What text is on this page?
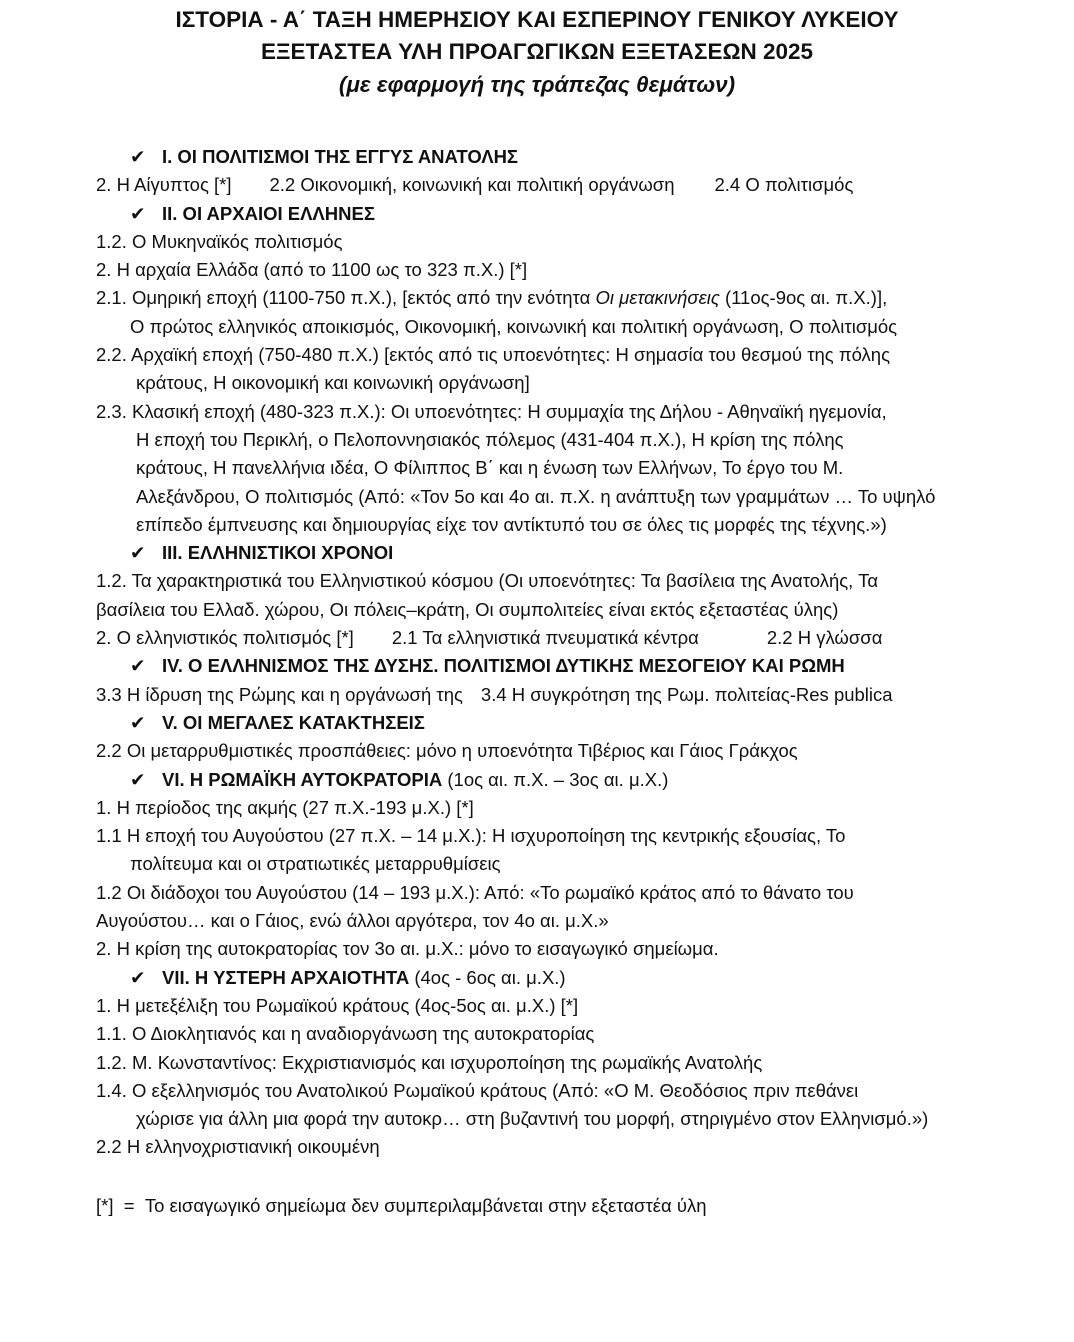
ΙΣΤΟΡΙΑ - Α΄ ΤΑΞΗ ΗΜΕΡΗΣΙΟΥ ΚΑΙ ΕΣΠΕΡΙΝΟΥ ΓΕΝΙΚΟΥ ΛΥΚΕΙΟΥ
ΕΞΕΤΑΣΤΕΑ ΥΛΗ ΠΡΟΑΓΩΓΙΚΩΝ ΕΞΕΤΑΣΕΩΝ 2025
(με εφαρμογή της τράπεζας θεμάτων)
✔ I. ΟΙ ΠΟΛΙΤΙΣΜΟΙ ΤΗΣ ΕΓΓΥΣ ΑΝΑΤΟΛΗΣ
2. Η Αίγυπτος [*] 2.2 Οικονομική, κοινωνική και πολιτική οργάνωση 2.4 Ο πολιτισμός
✔ II. ΟΙ ΑΡΧΑΙΟΙ ΕΛΛΗΝΕΣ
1.2. Ο Μυκηναϊκός πολιτισμός
2. Η αρχαία Ελλάδα (από το 1100 ως το 323 π.Χ.) [*]
2.1. Ομηρική εποχή (1100-750 π.Χ.), [εκτός από την ενότητα Οι μετακινήσεις (11ος-9ος αι. π.Χ.)],
Ο πρώτος ελληνικός αποικισμός, Οικονομική, κοινωνική και πολιτική οργάνωση, Ο πολιτισμός
2.2. Αρχαϊκή εποχή (750-480 π.Χ.) [εκτός από τις υποενότητες: Η σημασία του θεσμού της πόλης
κράτους, Η οικονομική και κοινωνική οργάνωση]
2.3. Κλασική εποχή (480-323 π.Χ.): Οι υποενότητες: Η συμμαχία της Δήλου - Αθηναϊκή ηγεμονία,
Η εποχή του Περικλή, ο Πελοποννησιακός πόλεμος (431-404 π.Χ.), Η κρίση της πόλης
κράτους, Η πανελλήνια ιδέα, Ο Φίλιππος Β΄ και η ένωση των Ελλήνων, Το έργο του Μ.
Αλεξάνδρου, Ο πολιτισμός (Από: «Τον 5ο και 4ο αι. π.Χ. η ανάπτυξη των γραμμάτων … Το υψηλό
επίπεδο έμπνευσης και δημιουργίας είχε τον αντίκτυπό του σε όλες τις μορφές της τέχνης.»)
✔ III. ΕΛΛΗΝΙΣΤΙΚΟΙ ΧΡΟΝΟΙ
1.2. Τα χαρακτηριστικά του Ελληνιστικού κόσμου (Οι υποενότητες: Τα βασίλεια της Ανατολής, Τα
βασίλεια του Ελλαδ. χώρου, Οι πόλεις–κράτη, Οι συμπολιτείες είναι εκτός εξεταστέας ύλης)
2. Ο ελληνιστικός πολιτισμός [*] 2.1 Τα ελληνιστικά πνευματικά κέντρα	2.2 Η γλώσσα
✔ IV. Ο ΕΛΛΗΝΙΣΜΟΣ ΤΗΣ ΔΥΣΗΣ. ΠΟΛΙΤΙΣΜΟΙ ΔΥΤΙΚΗΣ ΜΕΣΟΓΕΙΟΥ ΚΑΙ ΡΩΜΗ
3.3 Η ίδρυση της Ρώμης και η οργάνωσή της 3.4 Η συγκρότηση της Ρωμ. πολιτείας-Res publica
✔ V. ΟΙ ΜΕΓΑΛΕΣ ΚΑΤΑΚΤΗΣΕΙΣ
2.2 Οι μεταρρυθμιστικές προσπάθειες: μόνο η υποενότητα Τιβέριος και Γάιος Γράκχος
✔ VI. Η ΡΩΜΑΪΚΗ ΑΥΤΟΚΡΑΤΟΡΙΑ (1ος αι. π.Χ. – 3ος αι. μ.Χ.)
1. Η περίοδος της ακμής (27 π.Χ.-193 μ.Χ.) [*]
1.1 Η εποχή του Αυγούστου (27 π.Χ. – 14 μ.Χ.): Η ισχυροποίηση της κεντρικής εξουσίας, Το
πολίτευμα και οι στρατιωτικές μεταρρυθμίσεις
1.2 Οι διάδοχοι του Αυγούστου (14 – 193 μ.Χ.): Από: «Το ρωμαϊκό κράτος από το θάνατο του
Αυγούστου… και ο Γάιος, ενώ άλλοι αργότερα, τον 4ο αι. μ.Χ.»
2. Η κρίση της αυτοκρατορίας τον 3ο αι. μ.Χ.: μόνο το εισαγωγικό σημείωμα.
✔ VII. Η ΥΣΤΕΡΗ ΑΡΧΑΙΟΤΗΤΑ (4ος - 6ος αι. μ.Χ.)
1. Η μετεξέλιξη του Ρωμαϊκού κράτους (4ος-5ος αι. μ.Χ.) [*]
1.1. Ο Διοκλητιανός και η αναδιοργάνωση της αυτοκρατορίας
1.2. Μ. Κωνσταντίνος: Εκχριστιανισμός και ισχυροποίηση της ρωμαϊκής Ανατολής
1.4. Ο εξελληνισμός του Ανατολικού Ρωμαϊκού κράτους (Από: «Ο Μ. Θεοδόσιος πριν πεθάνει
χώρισε για άλλη μια φορά την αυτοκρ… στη βυζαντινή του μορφή, στηριγμένο στον Ελληνισμό.»)
2.2 Η ελληνοχριστιανική οικουμένη
[*] = Το εισαγωγικό σημείωμα δεν συμπεριλαμβάνεται στην εξεταστέα ύλη
